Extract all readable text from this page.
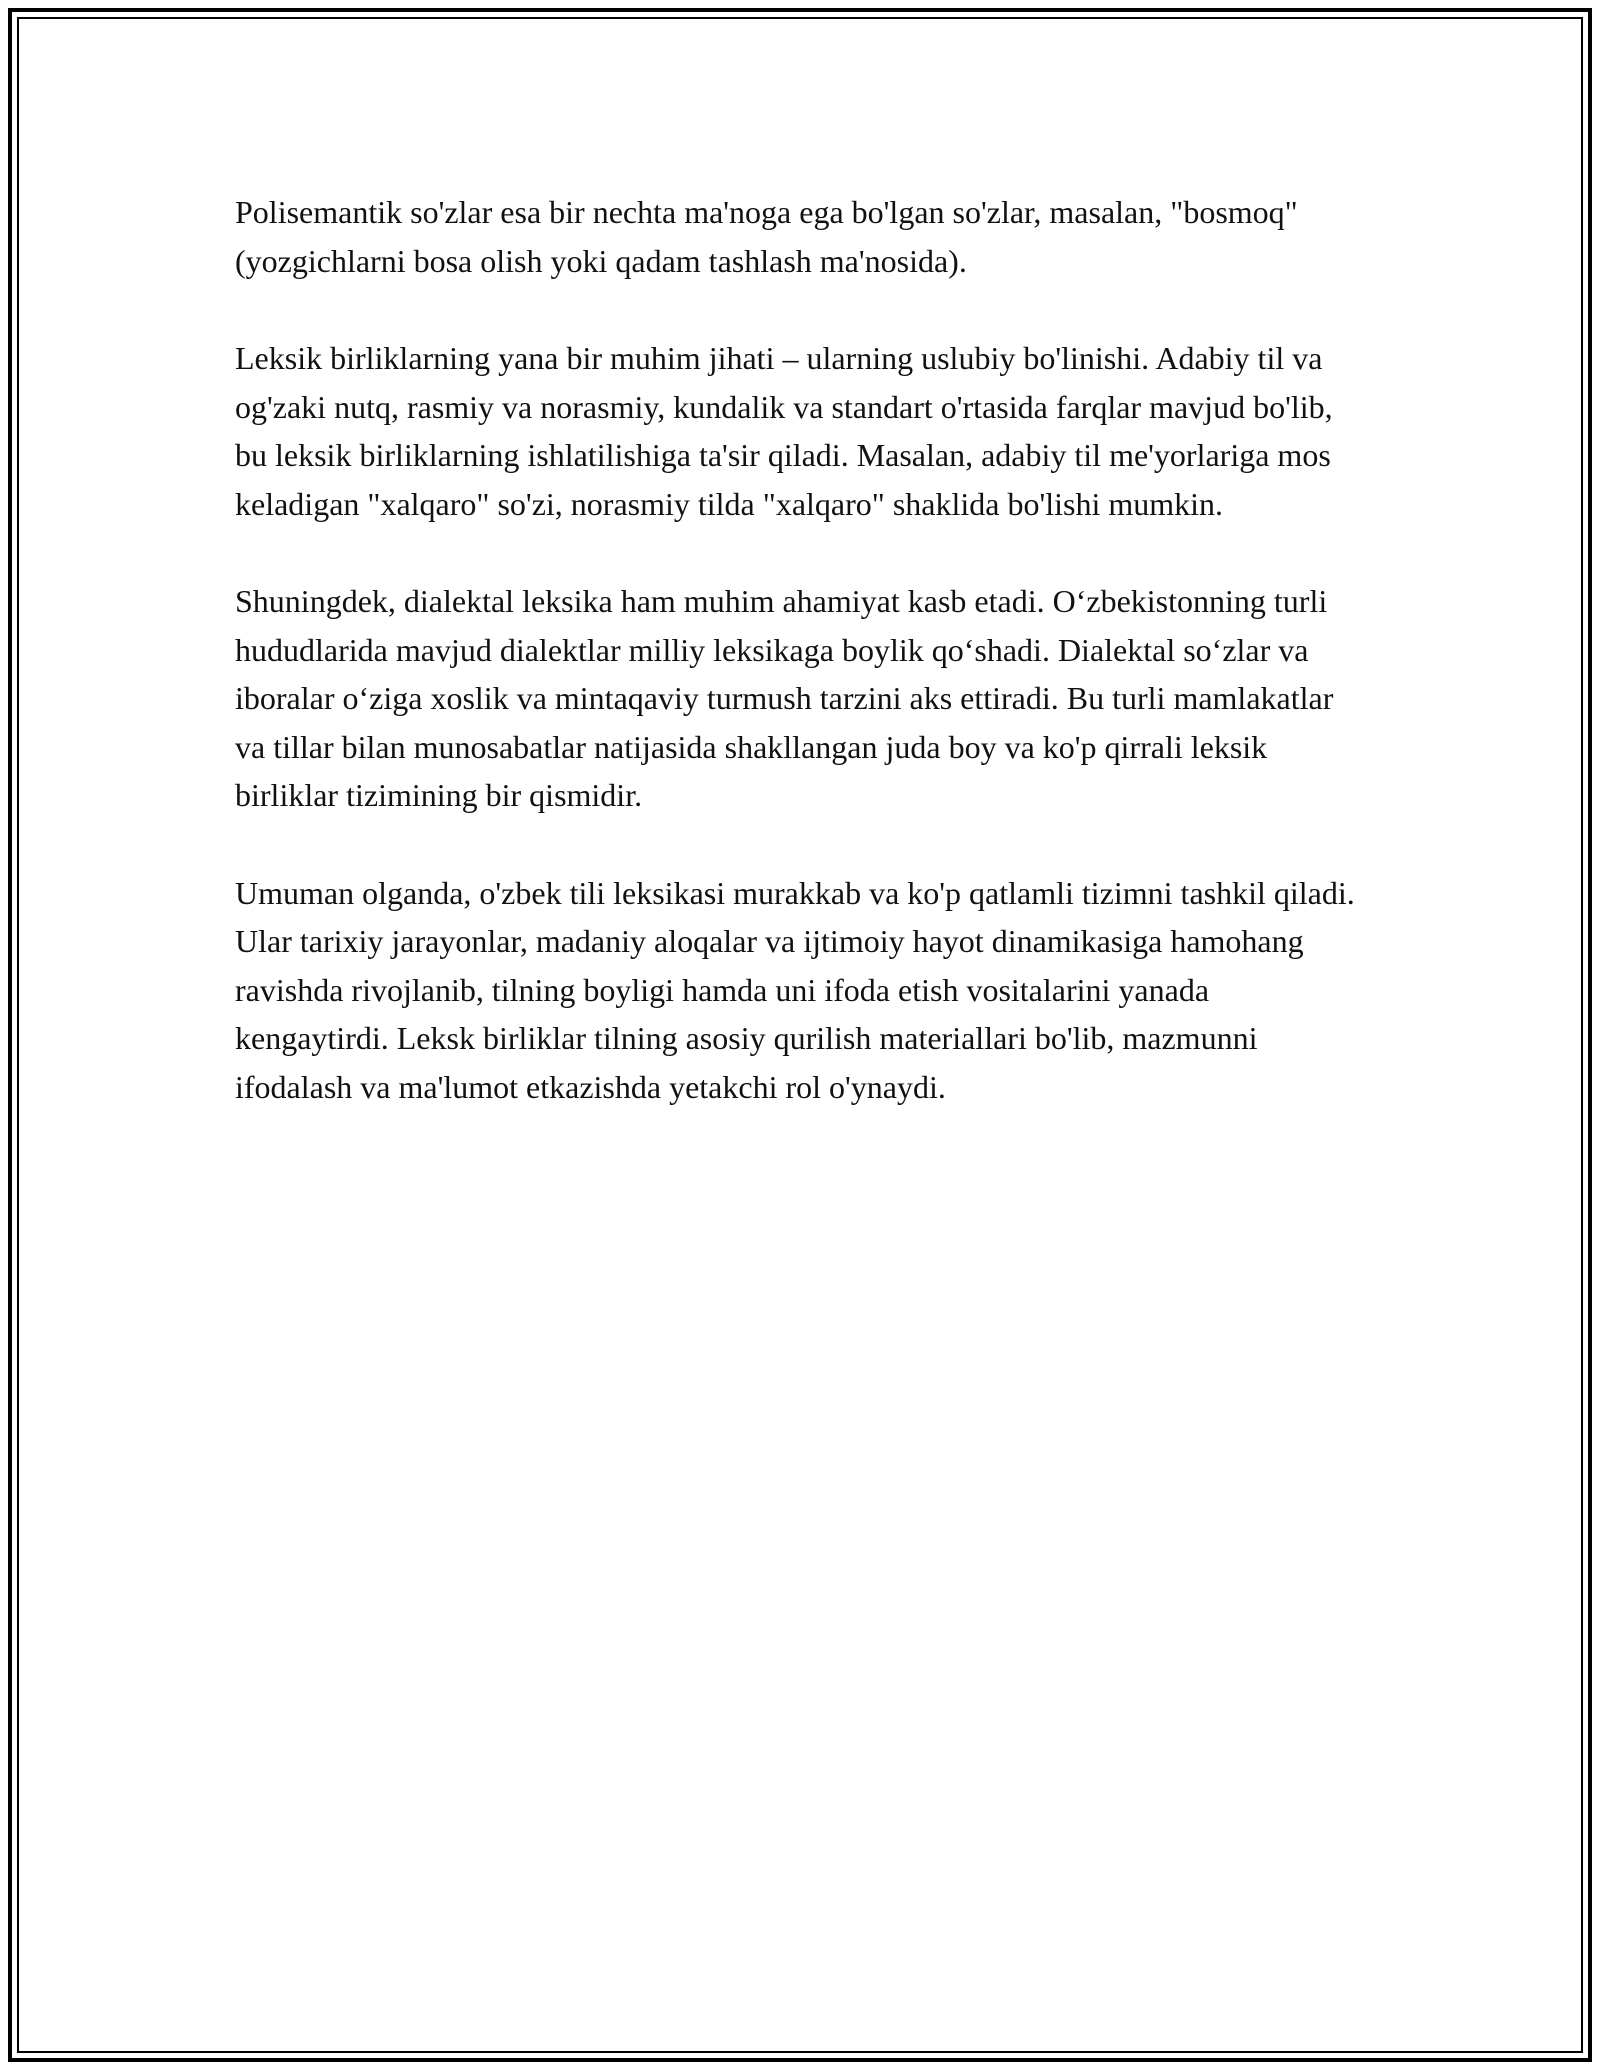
Polisemantik so'zlar esa bir nechta ma'noga ega bo'lgan so'zlar, masalan, "bosmoq" (yozgichlarni bosa olish yoki qadam tashlash ma'nosida).

Leksik birliklarning yana bir muhim jihati – ularning uslubiy bo'linishi. Adabiy til va og'zaki nutq, rasmiy va norasmiy, kundalik va standart o'rtasida farqlar mavjud bo'lib, bu leksik birliklarning ishlatilishiga ta'sir qiladi. Masalan, adabiy til me'yorlariga mos keladigan "xalqaro" so'zi, norasmiy tilda "xalqaro" shaklida bo'lishi mumkin.

Shuningdek, dialektal leksika ham muhim ahamiyat kasb etadi. O‘zbekistonning turli hududlarida mavjud dialektlar milliy leksikaga boylik qo‘shadi. Dialektal so‘zlar va iboralar o‘ziga xoslik va mintaqaviy turmush tarzini aks ettiradi. Bu turli mamlakatlar va tillar bilan munosabatlar natijasida shakllangan juda boy va ko'p qirrali leksik birliklar tizimining bir qismidir.

Umuman olganda, o'zbek tili leksikasi murakkab va ko'p qatlamli tizimni tashkil qiladi. Ular tarixiy jarayonlar, madaniy aloqalar va ijtimoiy hayot dinamikasiga hamohang ravishda rivojlanib, tilning boyligi hamda uni ifoda etish vositalarini yanada kengaytirdi. Leksk birliklar tilning asosiy qurilish materiallari bo'lib, mazmunni ifodalash va ma'lumot etkazishda yetakchi rol o'ynaydi.
